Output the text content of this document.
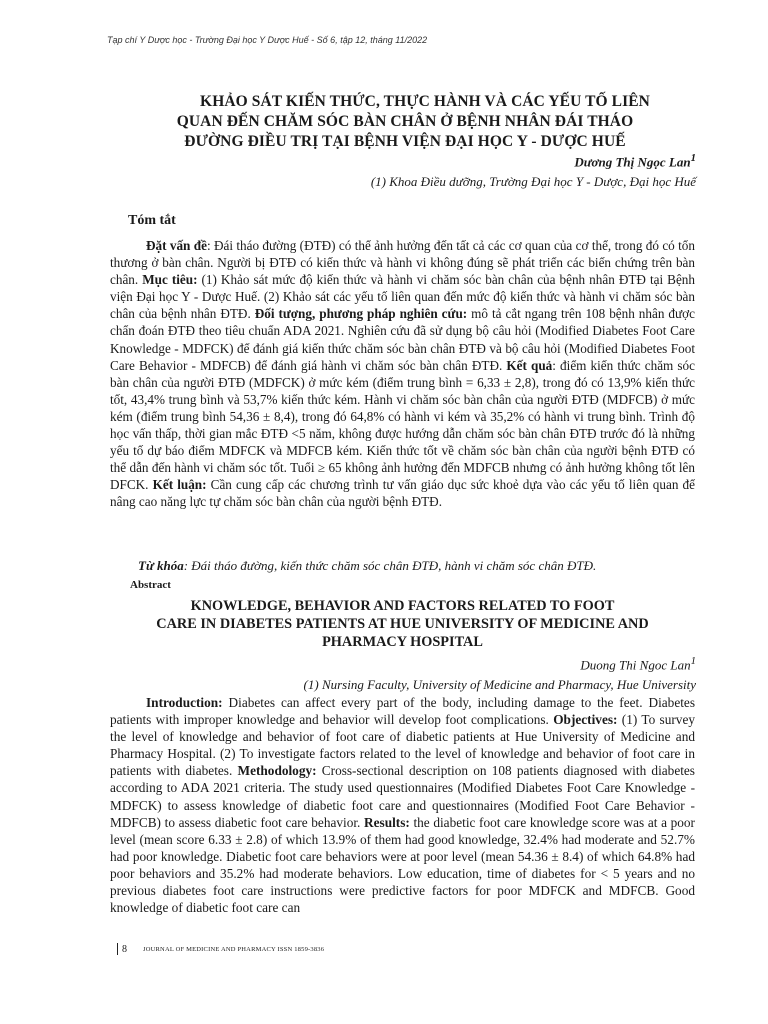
Tạp chí Y Dược học - Trường Đại học Y Dược Huế - Số 6, tập 12, tháng 11/2022
KHẢO SÁT KIẾN THỨC, THỰC HÀNH VÀ CÁC YẾU TỐ LIÊN
QUAN ĐẾN CHĂM SÓC BÀN CHÂN Ở BỆNH NHÂN ĐÁI THÁO
ĐƯỜNG ĐIỀU TRỊ TẠI BỆNH VIỆN ĐẠI HỌC Y - DƯỢC HUẾ
Dương Thị Ngọc Lan$^1$
(1) Khoa Điều dưỡng, Trường Đại học Y - Dược, Đại học Huế
Tóm tắt

Đặt vấn đề: Đái tháo đường (ĐTĐ) có thể ảnh hưởng đến tất cả các cơ quan của cơ thể, trong đó có tổn thương ở bàn chân. Người bị ĐTĐ có kiến thức và hành vi không đúng sẽ phát triển các biến chứng trên bàn chân. Mục tiêu: (1) Khảo sát mức độ kiến thức và hành vi chăm sóc bàn chân của bệnh nhân ĐTĐ tại Bệnh viện Đại học Y - Dược Huế. (2) Khảo sát các yếu tố liên quan đến mức độ kiến thức và hành vi chăm sóc bàn chân của bệnh nhân ĐTĐ. Đối tượng, phương pháp nghiên cứu: mô tả cắt ngang trên 108 bệnh nhân được chẩn đoán ĐTĐ theo tiêu chuẩn ADA 2021. Nghiên cứu đã sử dụng bộ câu hỏi (Modified Diabetes Foot Care Knowledge - MDFCK) để đánh giá kiến thức chăm sóc bàn chân ĐTĐ và bộ câu hỏi (Modified Diabetes Foot Care Behavior - MDFCB) để đánh giá hành vi chăm sóc bàn chân ĐTĐ. Kết quả: điểm kiến thức chăm sóc bàn chân của người ĐTĐ (MDFCK) ở mức kém (điểm trung bình = 6,33 ± 2,8), trong đó có 13,9% kiến thức tốt, 43,4% trung bình và 53,7% kiến thức kém. Hành vi chăm sóc bàn chân của người ĐTĐ (MDFCB) ở mức kém (điểm trung bình 54,36 ± 8,4), trong đó 64,8% có hành vi kém và 35,2% có hành vi trung bình. Trình độ học vấn thấp, thời gian mắc ĐTĐ <5 năm, không được hướng dẫn chăm sóc bàn chân ĐTĐ trước đó là những yếu tố dự báo điểm MDFCK và MDFCB kém. Kiến thức tốt về chăm sóc bàn chân của người bệnh ĐTĐ có thể dẫn đến hành vi chăm sóc tốt. Tuổi ≥ 65 không ảnh hưởng đến MDFCB nhưng có ảnh hưởng không tốt lên DFCK. Kết luận: Cần cung cấp các chương trình tư vấn giáo dục sức khoẻ dựa vào các yếu tố liên quan để nâng cao năng lực tự chăm sóc bàn chân của người bệnh ĐTĐ.

Từ khóa: Đái tháo đường, kiến thức chăm sóc chân ĐTĐ, hành vi chăm sóc chân ĐTĐ.
Abstract
KNOWLEDGE, BEHAVIOR AND FACTORS RELATED TO FOOT
CARE IN DIABETES PATIENTS AT HUE UNIVERSITY OF MEDICINE AND
PHARMACY HOSPITAL
Duong Thi Ngoc Lan$^1$
(1) Nursing Faculty, University of Medicine and Pharmacy, Hue University

Introduction: Diabetes can affect every part of the body, including damage to the feet. Diabetes patients with improper knowledge and behavior will develop foot complications. Objectives: (1) To survey the level of knowledge and behavior of foot care of diabetic patients at Hue University of Medicine and Pharmacy Hospital. (2) To investigate factors related to the level of knowledge and behavior of foot care in patients with diabetes. Methodology: Cross-sectional description on 108 patients diagnosed with diabetes according to ADA 2021 criteria. The study used questionnaires (Modified Diabetes Foot Care Knowledge - MDFCK) to assess knowledge of diabetic foot care and questionnaires (Modified Foot Care Behavior - MDFCB) to assess diabetic foot care behavior. Results: the diabetic foot care knowledge score was at a poor level (mean score 6.33 ± 2.8) of which 13.9% of them had good knowledge, 32.4% had moderate and 52.7% had poor knowledge. Diabetic foot care behaviors were at poor level (mean 54.36 ± 8.4) of which 64.8% had poor behaviors and 35.2% had moderate behaviors. Low education, time of diabetes for < 5 years and no previous diabetes foot care instructions were predictive factors for poor MDFCK and MDFCB. Good knowledge of diabetic foot care can

8 JOURNAL OF MEDICINE AND PHARMACY ISSN 1859-3836
